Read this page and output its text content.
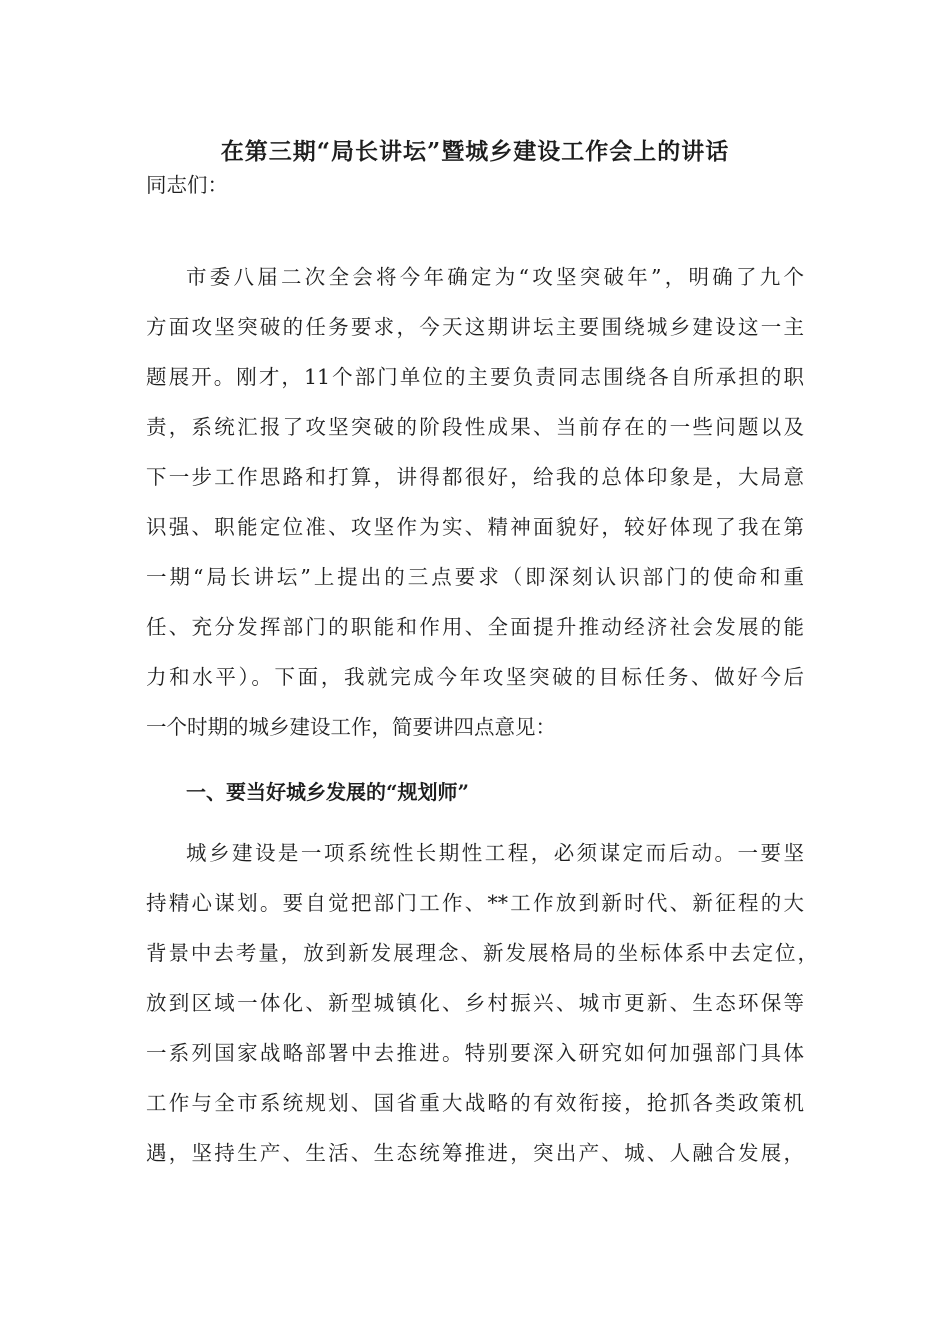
在第三期“局长讲坛”暨城乡建设工作会上的讲话
同志们：
市委八届二次全会将今年确定为“攻坚突破年”，明确了九个
方面攻坚突破的任务要求，今天这期讲坛主要围绕城乡建设这一主
题展开。刚才，11个部门单位的主要负责同志围绕各自所承担的职
责，系统汇报了攻坚突破的阶段性成果、当前存在的一些问题以及
下一步工作思路和打算，讲得都很好，给我的总体印象是，大局意
识强、职能定位准、攻坚作为实、精神面貌好，较好体现了我在第
一期“局长讲坛”上提出的三点要求（即深刻认识部门的使命和重
任、充分发挥部门的职能和作用、全面提升推动经济社会发展的能
力和水平）。下面，我就完成今年攻坚突破的目标任务、做好今后
一个时期的城乡建设工作，简要讲四点意见：
一、要当好城乡发展的“规划师”
城乡建设是一项系统性长期性工程，必须谋定而后动。一要坚
持精心谋划。要自觉把部门工作、**工作放到新时代、新征程的大
背景中去考量，放到新发展理念、新发展格局的坐标体系中去定位，
放到区域一体化、新型城镇化、乡村振兴、城市更新、生态环保等
一系列国家战略部署中去推进。特别要深入研究如何加强部门具体
工作与全市系统规划、国省重大战略的有效衔接，抢抓各类政策机
遇，坚持生产、生活、生态统筹推进，突出产、城、人融合发展，
